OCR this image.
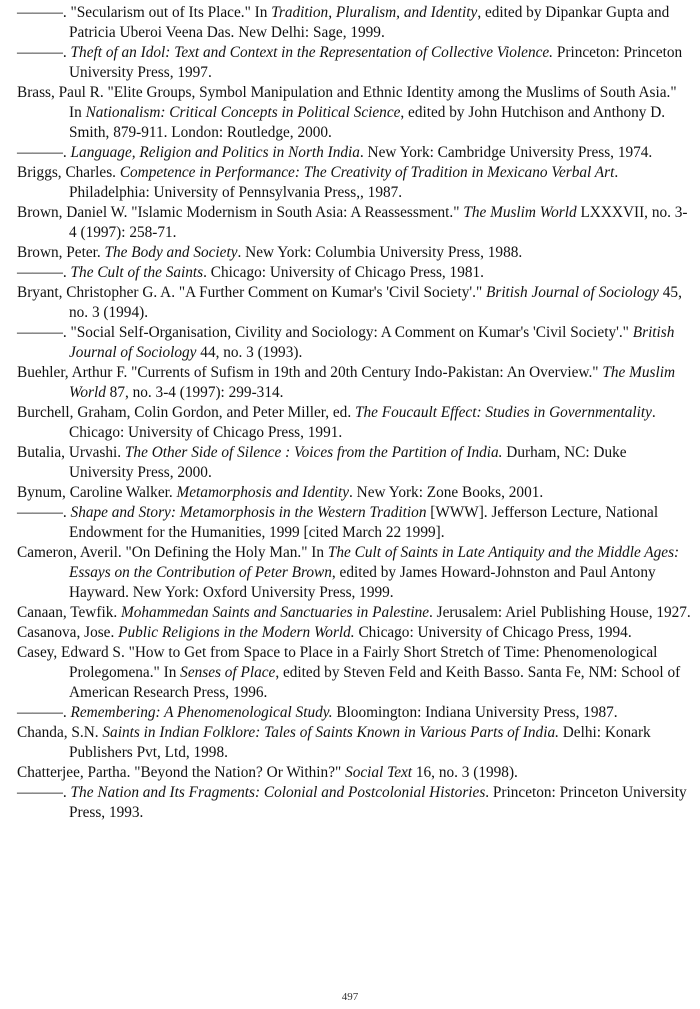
———. "Secularism out of Its Place." In Tradition, Pluralism, and Identity, edited by Dipankar Gupta and Patricia Uberoi Veena Das. New Delhi: Sage, 1999.

———. Theft of an Idol: Text and Context in the Representation of Collective Violence. Princeton: Princeton University Press, 1997.

Brass, Paul R. "Elite Groups, Symbol Manipulation and Ethnic Identity among the Muslims of South Asia." In Nationalism: Critical Concepts in Political Science, edited by John Hutchison and Anthony D. Smith, 879-911. London: Routledge, 2000.

———. Language, Religion and Politics in North India. New York: Cambridge University Press, 1974.

Briggs, Charles. Competence in Performance: The Creativity of Tradition in Mexicano Verbal Art. Philadelphia: University of Pennsylvania Press,, 1987.

Brown, Daniel W. "Islamic Modernism in South Asia: A Reassessment." The Muslim World LXXXVII, no. 3-4 (1997): 258-71.

Brown, Peter. The Body and Society. New York: Columbia University Press, 1988.

———. The Cult of the Saints. Chicago: University of Chicago Press, 1981.

Bryant, Christopher G. A. "A Further Comment on Kumar's 'Civil Society'." British Journal of Sociology 45, no. 3 (1994).

———. "Social Self-Organisation, Civility and Sociology: A Comment on Kumar's 'Civil Society'." British Journal of Sociology 44, no. 3 (1993).

Buehler, Arthur F. "Currents of Sufism in 19th and 20th Century Indo-Pakistan: An Overview." The Muslim World 87, no. 3-4 (1997): 299-314.

Burchell, Graham, Colin Gordon, and Peter Miller, ed. The Foucault Effect: Studies in Governmentality. Chicago: University of Chicago Press, 1991.

Butalia, Urvashi. The Other Side of Silence : Voices from the Partition of India. Durham, NC: Duke University Press, 2000.

Bynum, Caroline Walker. Metamorphosis and Identity. New York: Zone Books, 2001.

———. Shape and Story: Metamorphosis in the Western Tradition [WWW]. Jefferson Lecture, National Endowment for the Humanities, 1999 [cited March 22 1999].

Cameron, Averil. "On Defining the Holy Man." In The Cult of Saints in Late Antiquity and the Middle Ages: Essays on the Contribution of Peter Brown, edited by James Howard-Johnston and Paul Antony Hayward. New York: Oxford University Press, 1999.

Canaan, Tewfik. Mohammedan Saints and Sanctuaries in Palestine. Jerusalem: Ariel Publishing House, 1927.

Casanova, Jose. Public Religions in the Modern World. Chicago: University of Chicago Press, 1994.

Casey, Edward S. "How to Get from Space to Place in a Fairly Short Stretch of Time: Phenomenological Prolegomena." In Senses of Place, edited by Steven Feld and Keith Basso. Santa Fe, NM: School of American Research Press, 1996.

———. Remembering: A Phenomenological Study. Bloomington: Indiana University Press, 1987.

Chanda, S.N. Saints in Indian Folklore: Tales of Saints Known in Various Parts of India. Delhi: Konark Publishers Pvt, Ltd, 1998.

Chatterjee, Partha. "Beyond the Nation? Or Within?" Social Text 16, no. 3 (1998).

———. The Nation and Its Fragments: Colonial and Postcolonial Histories. Princeton: Princeton University Press, 1993.

497
